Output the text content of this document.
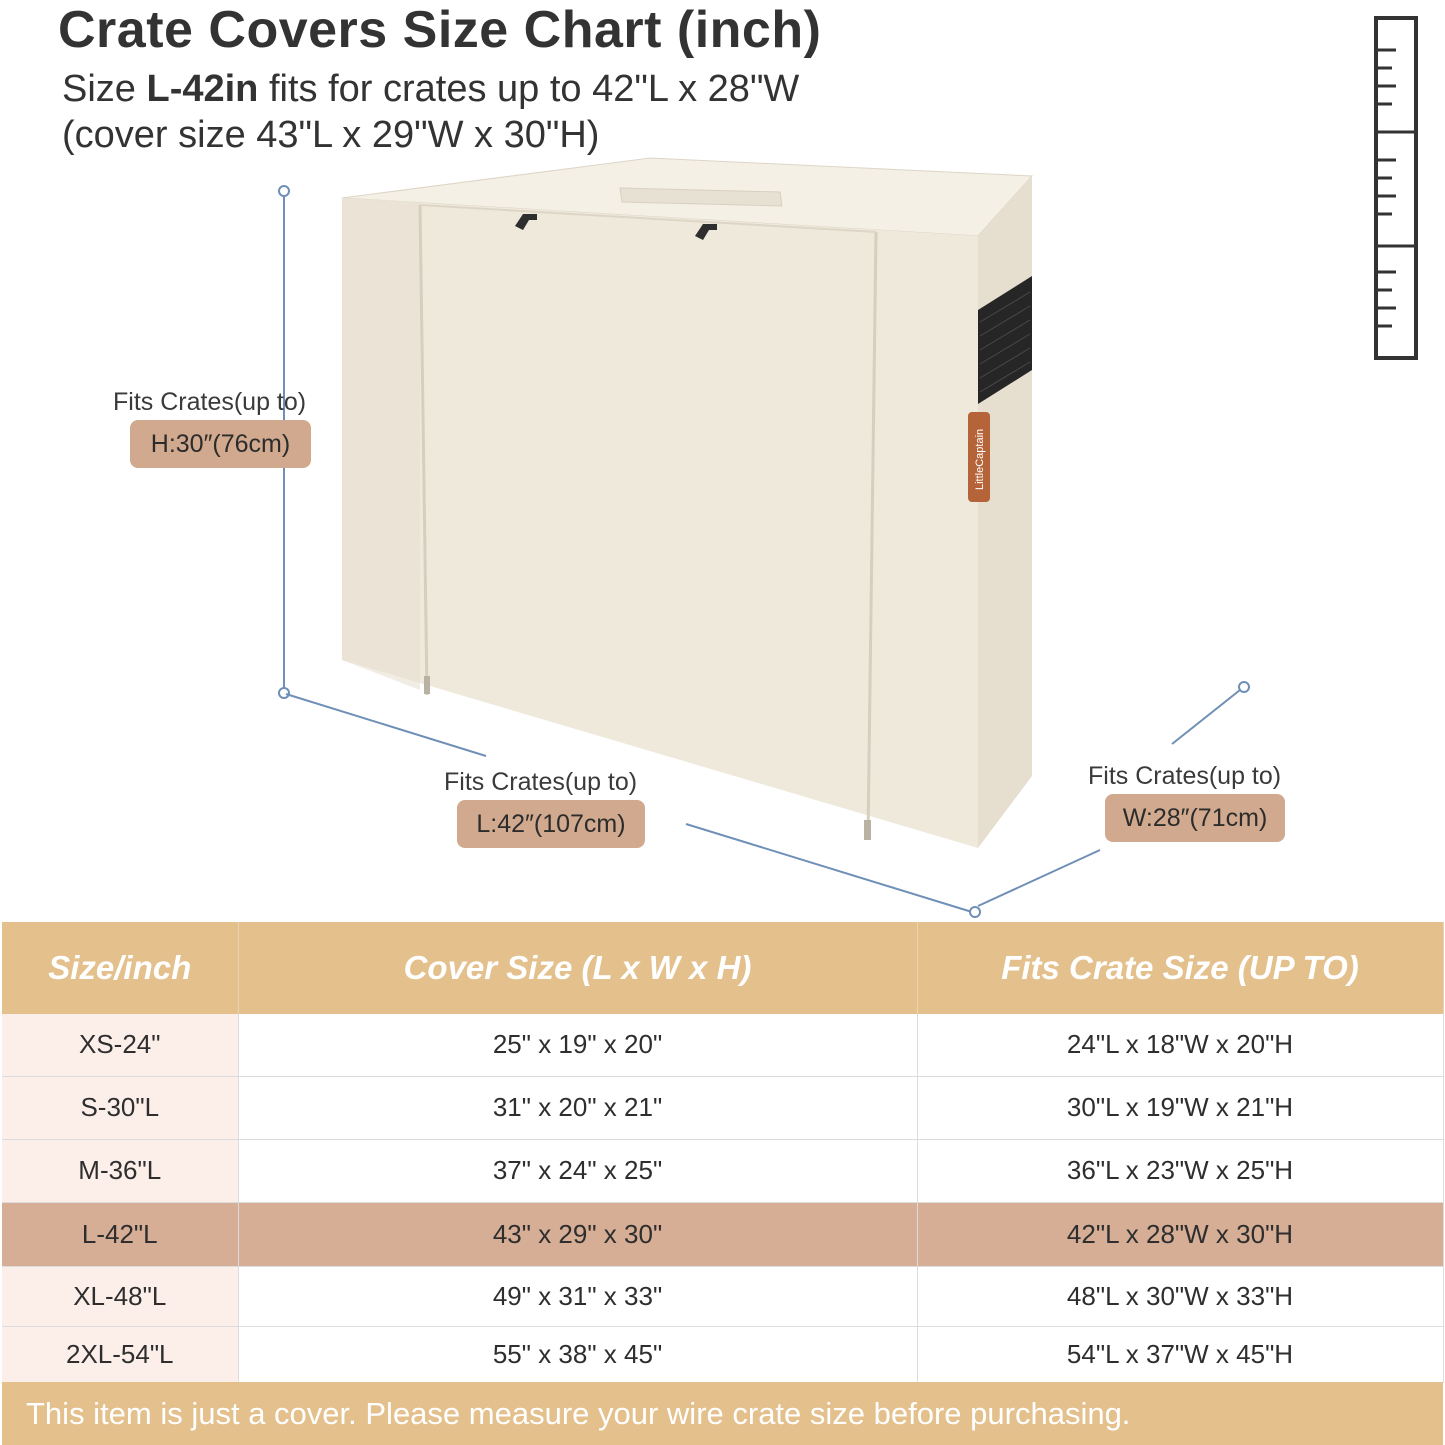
Crate Covers Size Chart (inch)
Size L-42in fits for crates up to 42"L x 28"W
(cover size 43"L x 29"W x 30"H)
LittleCaptain
Fits Crates(up to)
H:30″(76cm)
Fits Crates(up to)
L:42″(107cm)
Fits Crates(up to)
W:28″(71cm)
Size/inch	Cover Size (L x W x H)	Fits Crate Size (UP TO)
XS-24"	25" x 19" x 20"	24"L x 18"W x 20"H
S-30"L	31" x 20" x 21"	30"L x 19"W x 21"H
M-36"L	37" x 24" x 25"	36"L x 23"W x 25"H
L-42"L	43" x 29" x 30"	42"L x 28"W x 30"H
XL-48"L	49" x 31" x 33"	48"L x 30"W x 33"H
2XL-54"L	55" x 38" x 45"	54"L x 37"W x 45"H
This item is just a cover. Please measure your wire crate size before purchasing.
